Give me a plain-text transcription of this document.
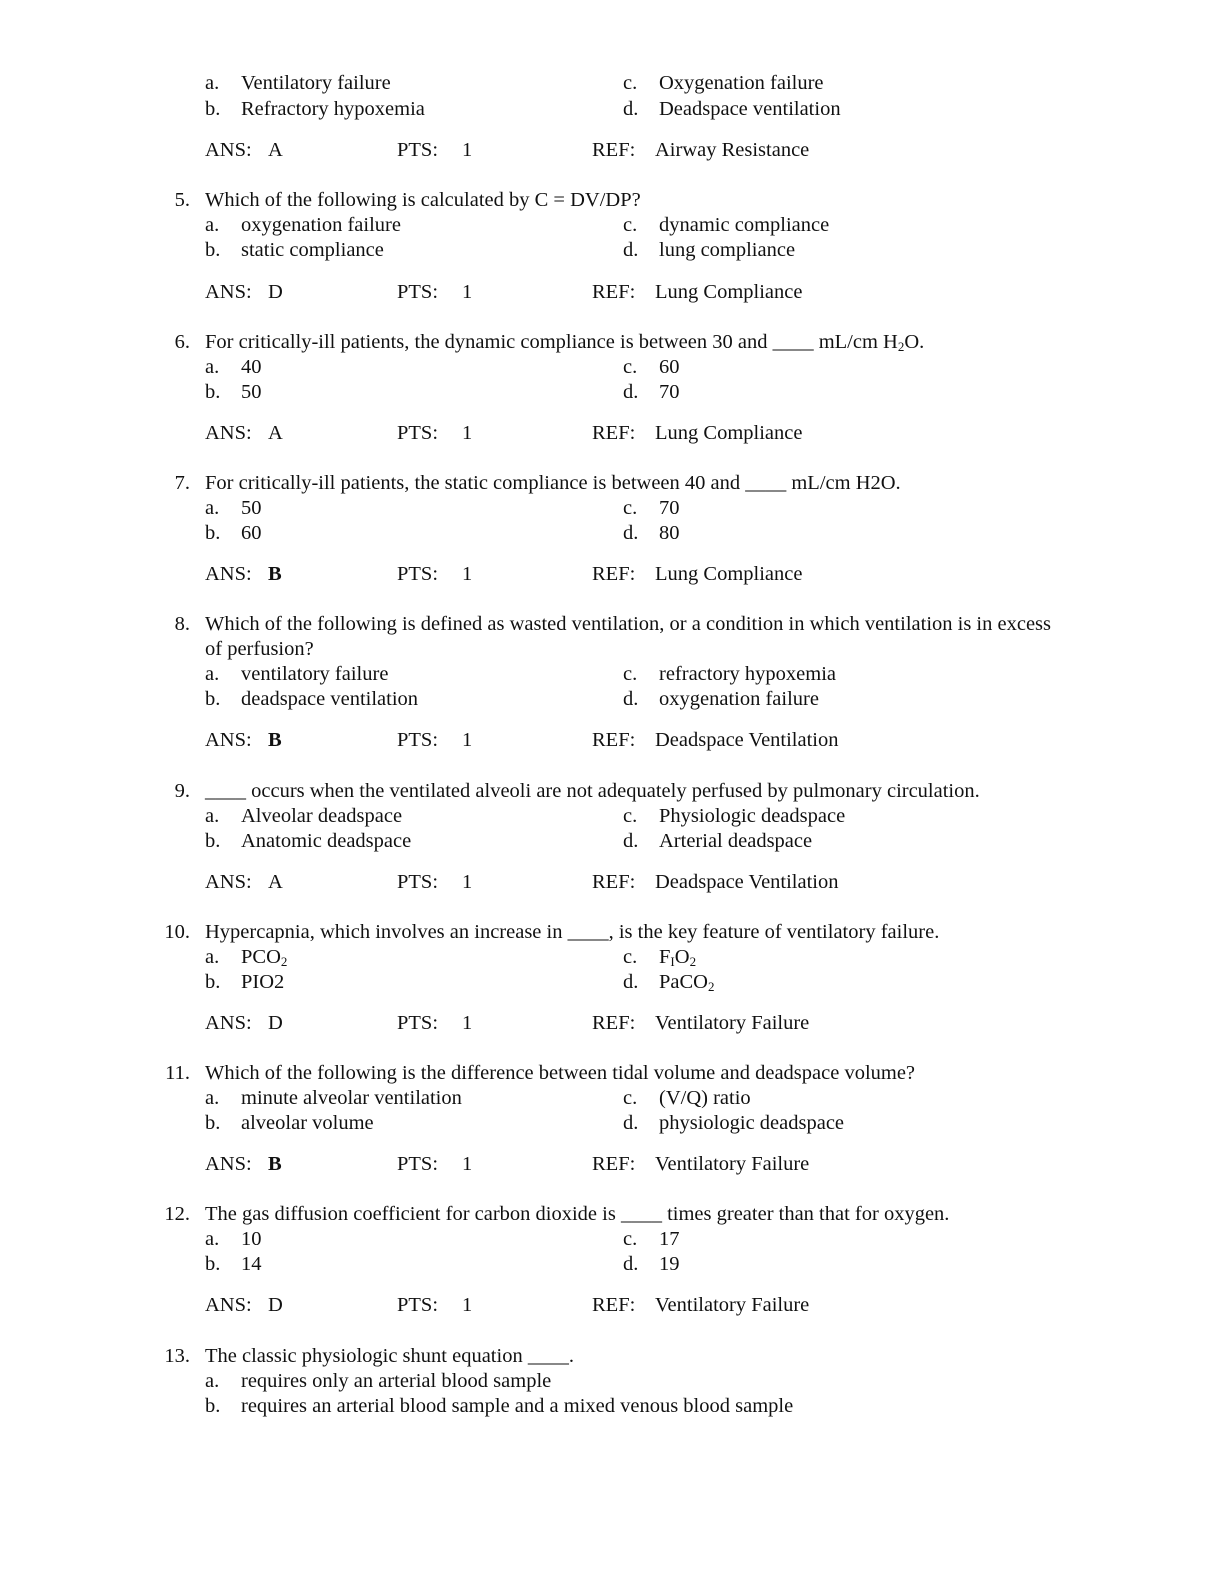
a. Ventilatory failure
b. Refractory hypoxemia
c. Oxygenation failure
d. Deadspace ventilation
ANS: A	PTS: 1	REF: Airway Resistance
5. Which of the following is calculated by C = DV/DP?
a. oxygenation failure
b. static compliance
c. dynamic compliance
d. lung compliance
ANS: D	PTS: 1	REF: Lung Compliance
6. For critically-ill patients, the dynamic compliance is between 30 and ____ mL/cm $H_2O$.
a. 40
b. 50
c. 60
d. 70
ANS: A	PTS: 1	REF: Lung Compliance
7. For critically-ill patients, the static compliance is between 40 and ____ mL/cm H2O.
a. 50
b. 60
c. 70
d. 80
ANS: B	PTS: 1	REF: Lung Compliance
8. Which of the following is defined as wasted ventilation, or a condition in which ventilation is in excess
of perfusion?
a. ventilatory failure
b. deadspace ventilation
c. refractory hypoxemia
d. oxygenation failure
ANS: B	PTS: 1	REF: Deadspace Ventilation
9. ____ occurs when the ventilated alveoli are not adequately perfused by pulmonary circulation.
a. Alveolar deadspace
b. Anatomic deadspace
c. Physiologic deadspace
d. Arterial deadspace
ANS: A	PTS: 1	REF: Deadspace Ventilation
10. Hypercapnia, which involves an increase in ____, is the key feature of ventilatory failure.
a. $PCO_2$
b. PIO2
c. $F_IO_2$
d. PaCO$_2$
ANS: D	PTS: 1	REF: Ventilatory Failure
11. Which of the following is the difference between tidal volume and deadspace volume?
a. minute alveolar ventilation
b. alveolar volume
c. (V/Q) ratio
d. physiologic deadspace
ANS: B	PTS: 1	REF: Ventilatory Failure
12. The gas diffusion coefficient for carbon dioxide is ____ times greater than that for oxygen.
a. 10
b. 14
c. 17
d. 19
ANS: D	PTS: 1	REF: Ventilatory Failure
13. The classic physiologic shunt equation ____.
a. requires only an arterial blood sample
b. requires an arterial blood sample and a mixed venous blood sample
